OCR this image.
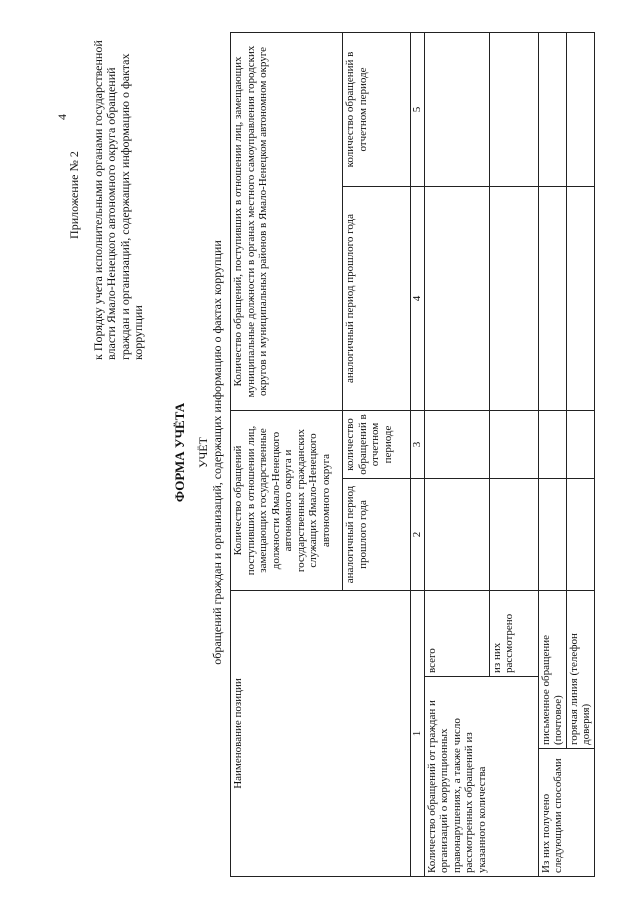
4
Приложение № 2 к Порядку учета исполнительными органами государственной власти Ямало-Ненецкого автономного округа обращений граждан и организаций, содержащих информацию о фактах коррупции
ФОРМА УЧЁТА УЧЁТ обращений граждан и организаций, содержащих информацию о фактах коррупции
Наименование позиции			Количество обращений поступивших в отношении лиц, замещающих государственные должности Ямало-Ненецкого автономного округа и государственных гражданских служащих Ямало-Ненецкого автономного округа		Количество обращений, поступивших в отношении лиц, замещающих муниципальные должности в органах местного самоуправления городских округов и муниципальных районов в Ямало-Ненецком автономном округе	
			аналогичный период прошлого года	количество обращений в отчетном периоде	аналогичный период прошлого года	количество обращений в отчетном периоде
1			2	3	4	5
Количество обращений от граждан и организаций о коррупционных правонарушениях, а также число рассмотренных обращений из указанного количества		всего				
		из них рассмотрено				
Из них получено следующими способами	письменное обращение (почтовое)					
	горячая линия (телефон доверия)					
